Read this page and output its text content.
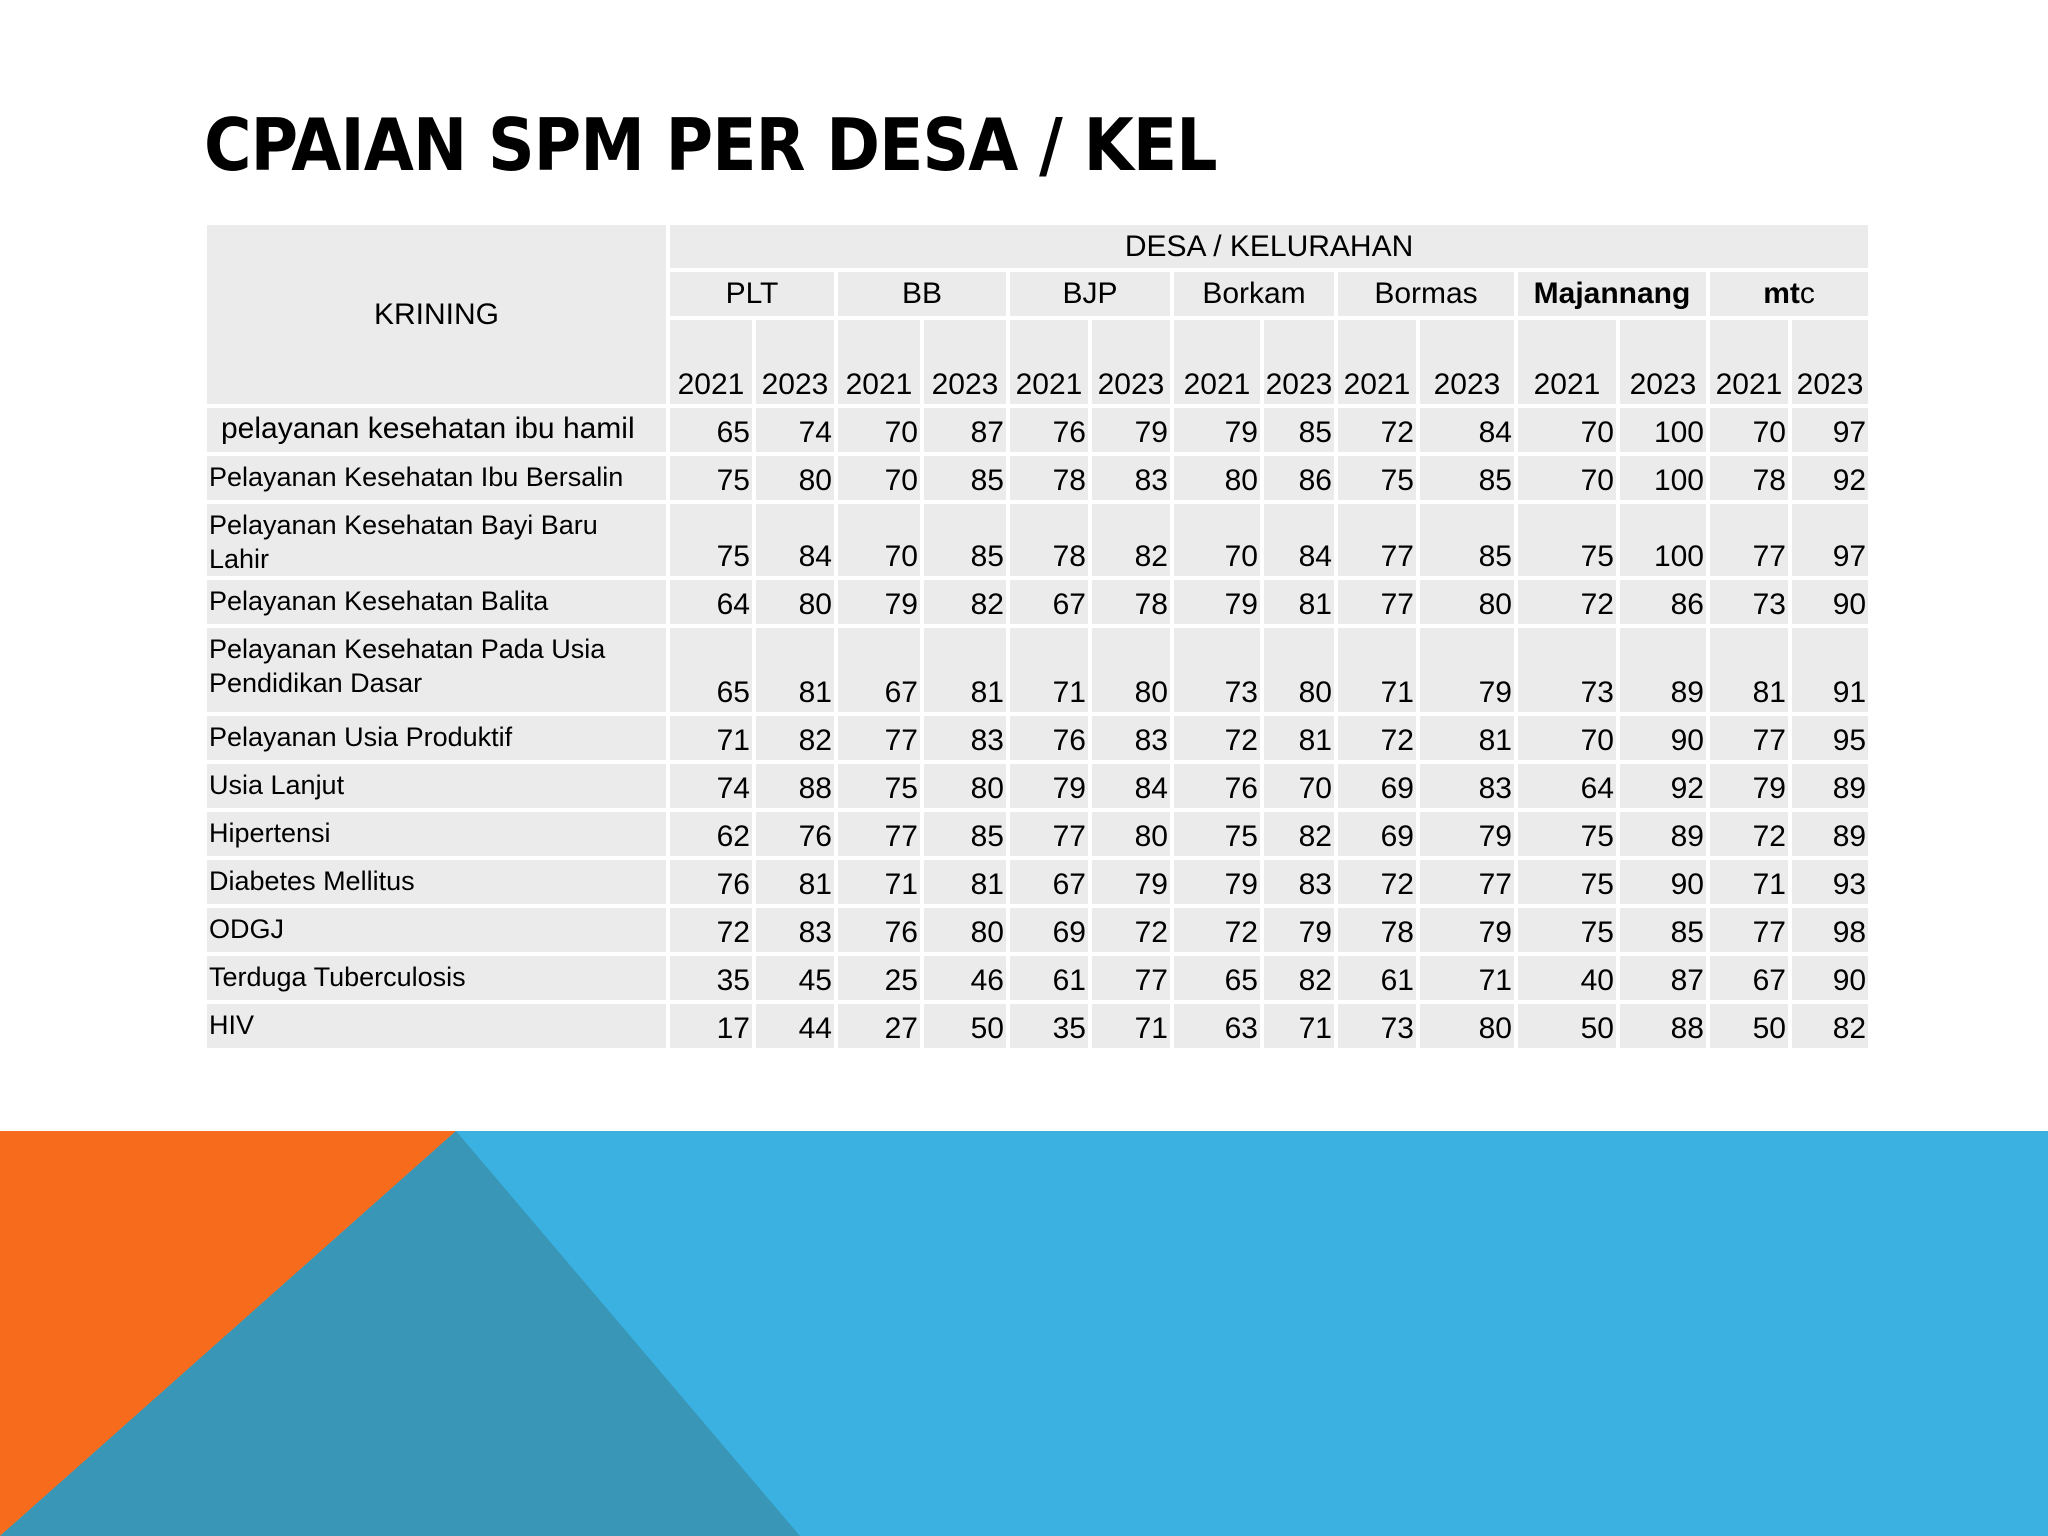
CPAIAN SPM PER DESA / KEL
KRINING	DESA / KELURAHAN													
	PLT		BB		BJP		Borkam		Bormas		Majannang		mtc	
	2021	2023	2021	2023	2021	2023	2021	2023	2021	2023	2021	2023	2021	2023
pelayanan kesehatan ibu hamil	65	74	70	87	76	79	79	85	72	84	70	100	70	97
Pelayanan Kesehatan Ibu Bersalin	75	80	70	85	78	83	80	86	75	85	70	100	78	92
Pelayanan Kesehatan Bayi Baru Lahir	75	84	70	85	78	82	70	84	77	85	75	100	77	97
Pelayanan Kesehatan Balita	64	80	79	82	67	78	79	81	77	80	72	86	73	90
Pelayanan Kesehatan Pada Usia Pendidikan Dasar	65	81	67	81	71	80	73	80	71	79	73	89	81	91
Pelayanan Usia Produktif	71	82	77	83	76	83	72	81	72	81	70	90	77	95
Usia Lanjut	74	88	75	80	79	84	76	70	69	83	64	92	79	89
Hipertensi	62	76	77	85	77	80	75	82	69	79	75	89	72	89
Diabetes Mellitus	76	81	71	81	67	79	79	83	72	77	75	90	71	93
ODGJ	72	83	76	80	69	72	72	79	78	79	75	85	77	98
Terduga Tuberculosis	35	45	25	46	61	77	65	82	61	71	40	87	67	90
HIV	17	44	27	50	35	71	63	71	73	80	50	88	50	82
